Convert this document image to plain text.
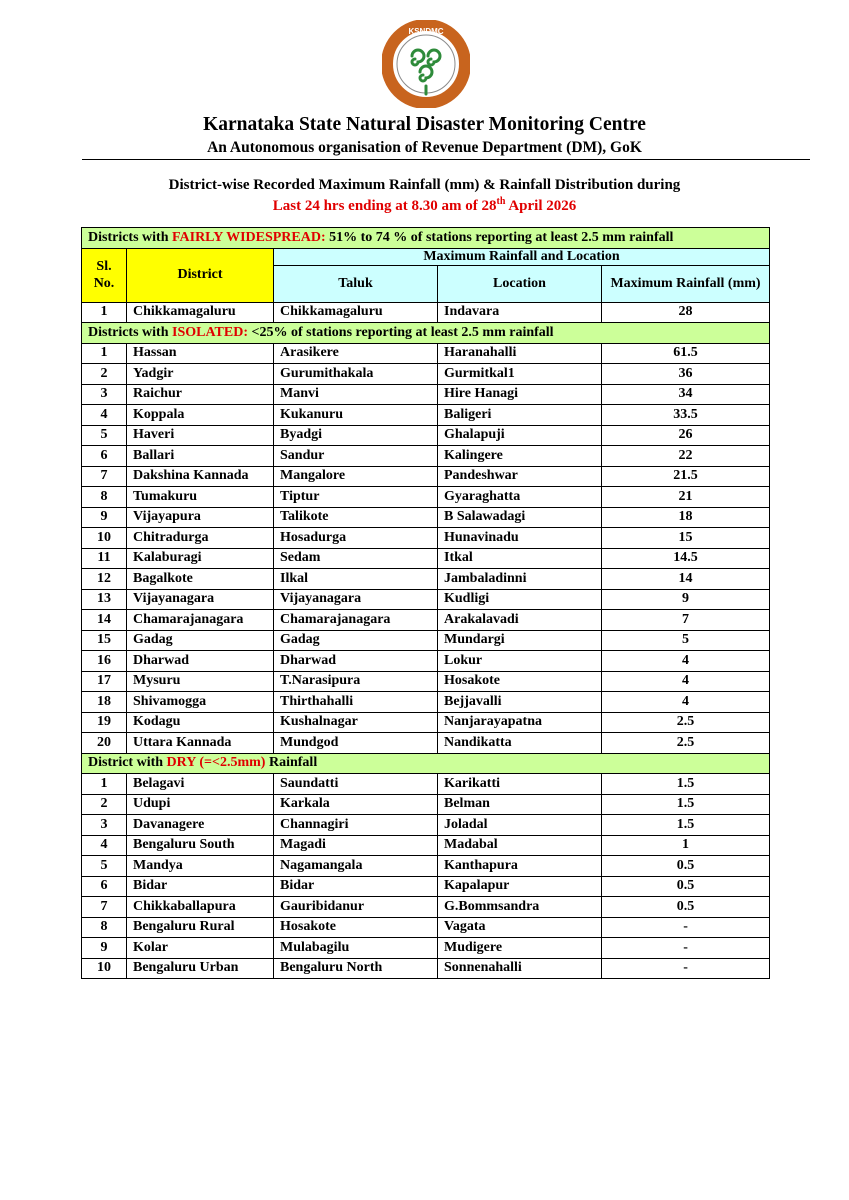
KSNDMC
Karnataka State Natural Disaster Monitoring Centre
An Autonomous organisation of Revenue Department (DM), GoK
District-wise Recorded Maximum Rainfall (mm) & Rainfall Distribution during
Last 24 hrs ending at 8.30 am of 28th April 2026
Districts with FAIRLY WIDESPREAD: 51% to 74 % of stations reporting at least 2.5 mm rainfall				
Sl. No.	District	Maximum Rainfall and Location		
		Taluk	Location	Maximum Rainfall (mm)
1	Chikkamagaluru	Chikkamagaluru	Indavara	28
Districts with ISOLATED: <25% of stations reporting at least 2.5 mm rainfall				
1	Hassan	Arasikere	Haranahalli	61.5
2	Yadgir	Gurumithakala	Gurmitkal1	36
3	Raichur	Manvi	Hire Hanagi	34
4	Koppala	Kukanuru	Baligeri	33.5
5	Haveri	Byadgi	Ghalapuji	26
6	Ballari	Sandur	Kalingere	22
7	Dakshina Kannada	Mangalore	Pandeshwar	21.5
8	Tumakuru	Tiptur	Gyaraghatta	21
9	Vijayapura	Talikote	B Salawadagi	18
10	Chitradurga	Hosadurga	Hunavinadu	15
11	Kalaburagi	Sedam	Itkal	14.5
12	Bagalkote	Ilkal	Jambaladinni	14
13	Vijayanagara	Vijayanagara	Kudligi	9
14	Chamarajanagara	Chamarajanagara	Arakalavadi	7
15	Gadag	Gadag	Mundargi	5
16	Dharwad	Dharwad	Lokur	4
17	Mysuru	T.Narasipura	Hosakote	4
18	Shivamogga	Thirthahalli	Bejjavalli	4
19	Kodagu	Kushalnagar	Nanjarayapatna	2.5
20	Uttara Kannada	Mundgod	Nandikatta	2.5
District with DRY (=<2.5mm) Rainfall				
1	Belagavi	Saundatti	Karikatti	1.5
2	Udupi	Karkala	Belman	1.5
3	Davanagere	Channagiri	Joladal	1.5
4	Bengaluru South	Magadi	Madabal	1
5	Mandya	Nagamangala	Kanthapura	0.5
6	Bidar	Bidar	Kapalapur	0.5
7	Chikkaballapura	Gauribidanur	G.Bommsandra	0.5
8	Bengaluru Rural	Hosakote	Vagata	-
9	Kolar	Mulabagilu	Mudigere	-
10	Bengaluru Urban	Bengaluru North	Sonnenahalli	-
